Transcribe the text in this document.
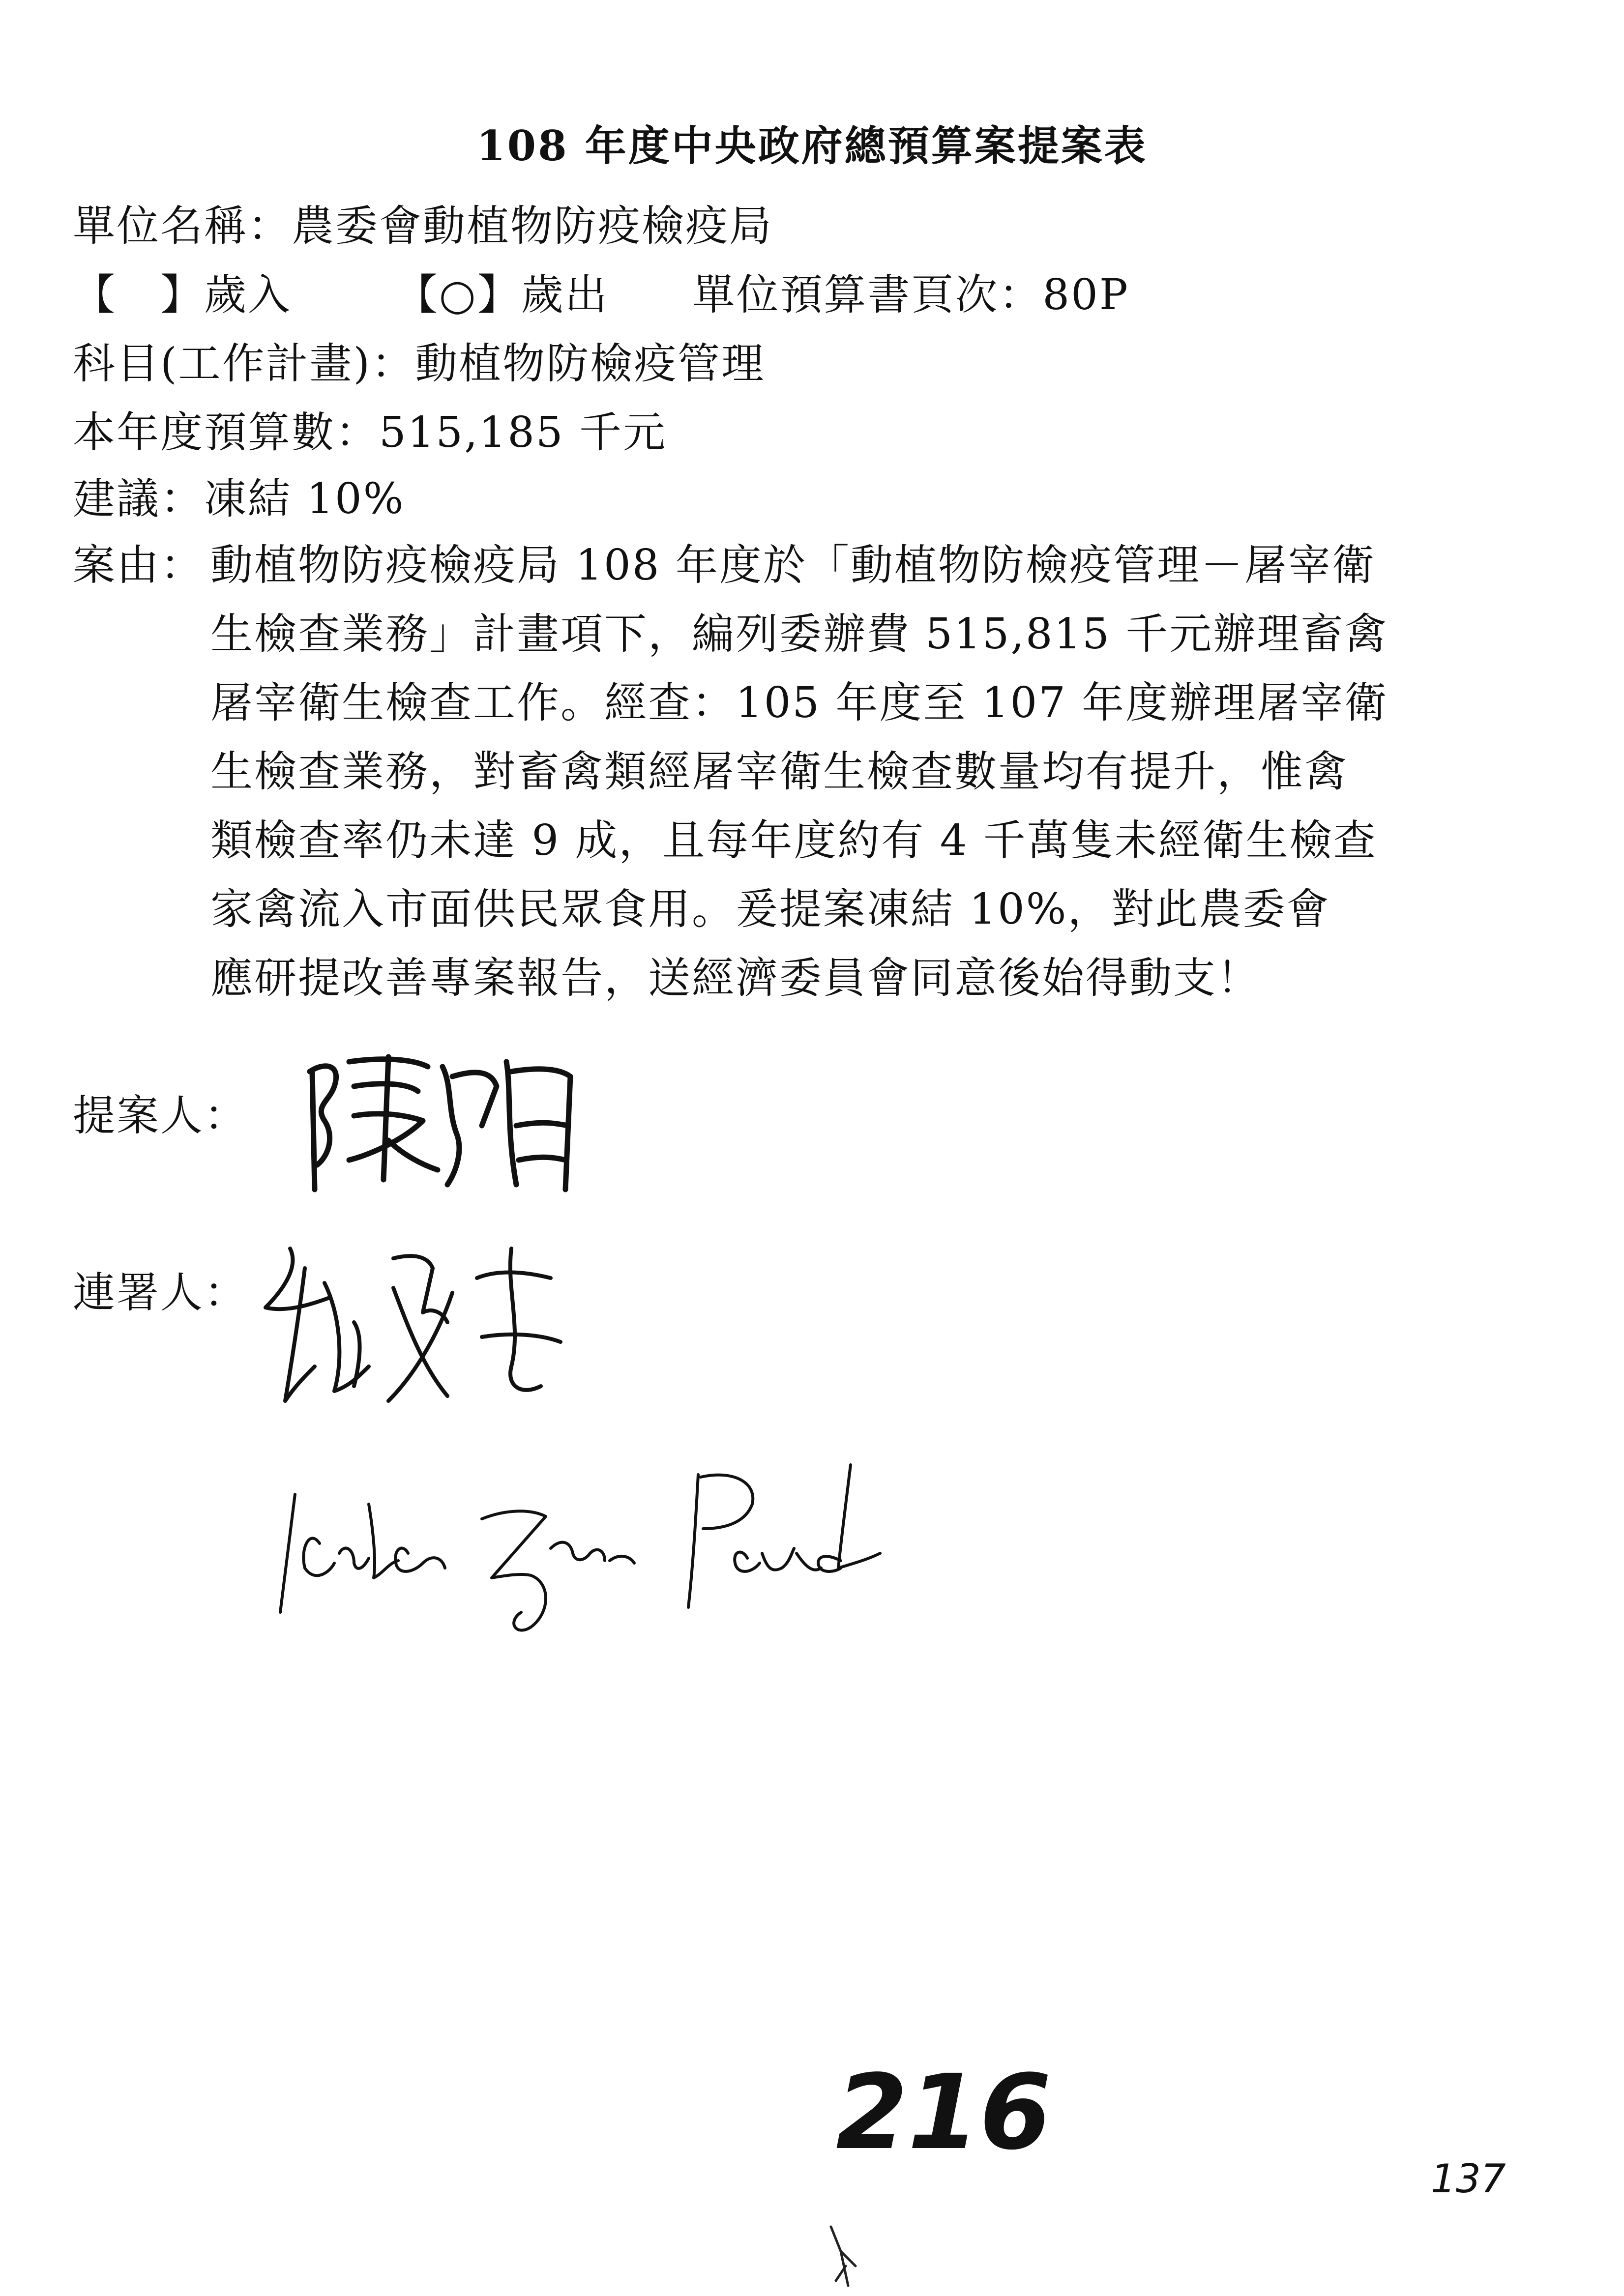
108 年度中央政府總預算案提案表
單位名稱：農委會動植物防疫檢疫局
【　】歲入 【○】歲出 單位預算書頁次：80P
科目(工作計畫)：動植物防檢疫管理
本年度預算數：515,185 千元
建議：凍結 10%
案由： 動植物防疫檢疫局 108 年度於「動植物防檢疫管理－屠宰衛
生檢查業務」計畫項下，編列委辦費 515,815 千元辦理畜禽
屠宰衛生檢查工作。經查：105 年度至 107 年度辦理屠宰衛
生檢查業務，對畜禽類經屠宰衛生檢查數量均有提升，惟禽
類檢查率仍未達 9 成，且每年度約有 4 千萬隻未經衛生檢查
家禽流入市面供民眾食用。爰提案凍結 10%，對此農委會
應研提改善專案報告，送經濟委員會同意後始得動支！
提案人：
連署人：
216
137
